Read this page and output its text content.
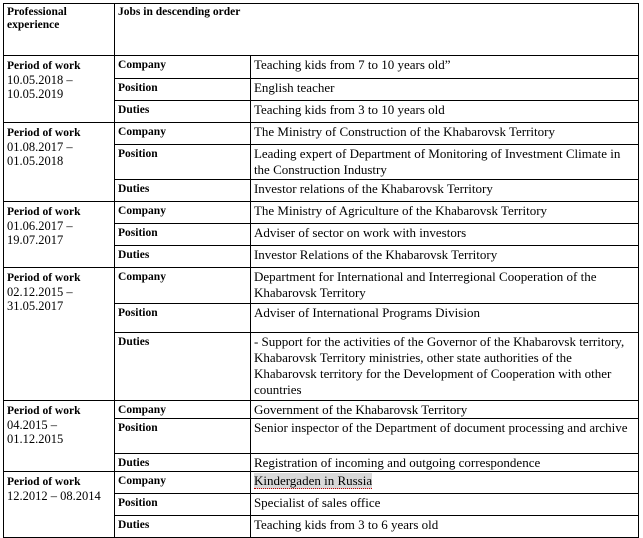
Professional experience	Jobs in descending order	
Period of work
10.05.2018 – 10.05.2019	Company	Teaching kids from 7 to 10 years old”
	Position	English teacher
	Duties	Teaching kids from 3 to 10 years old
Period of work
01.08.2017 – 01.05.2018	Company	The Ministry of Construction of the Khabarovsk Territory
	Position	Leading expert of Department of Monitoring of Investment Climate in the Construction Industry
	Duties	Investor relations of the Khabarovsk Territory
Period of work
01.06.2017 – 19.07.2017	Company	The Ministry of Agriculture of the Khabarovsk Territory
	Position	Adviser of sector on work with investors
	Duties	Investor Relations of the Khabarovsk Territory
Period of work
02.12.2015 – 31.05.2017	Company	Department for International and Interregional Cooperation of the Khabarovsk Territory
	Position	Adviser of International Programs Division
	Duties	- Support for the activities of the Governor of the Khabarovsk territory, Khabarovsk Territory ministries, other state authorities of the Khabarovsk territory for the Development of Cooperation with other countries
Period of work
04.2015 – 01.12.2015	Company	Government of the Khabarovsk Territory
	Position	Senior inspector of the Department of document processing and archive
	Duties	Registration of incoming and outgoing correspondence
Period of work
12.2012 – 08.2014	Company	Kindergaden in Russia
	Position	Specialist of sales office
	Duties	Teaching kids from 3 to 6 years old
